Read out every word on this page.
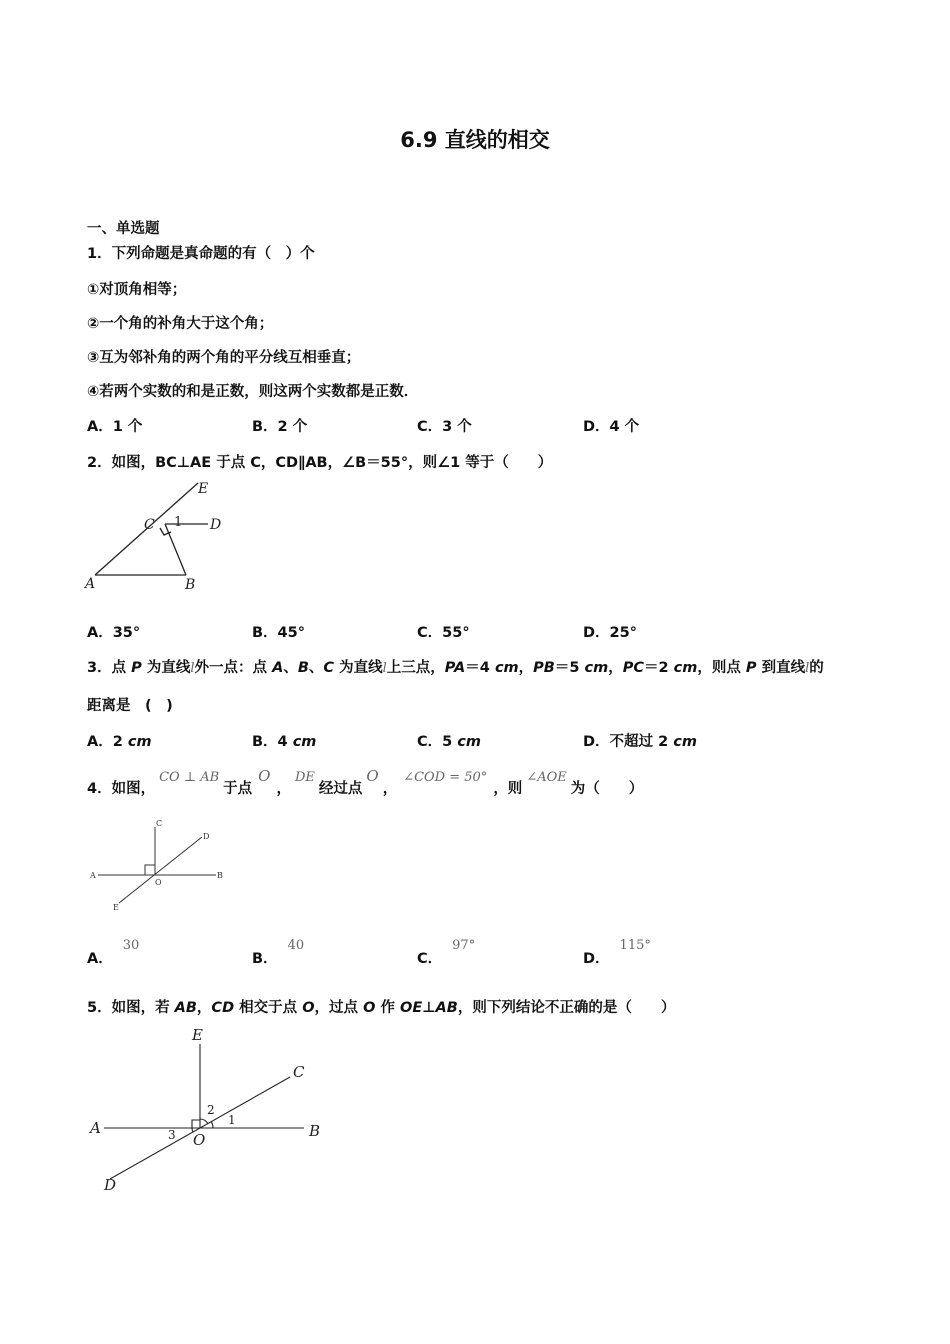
6.9 直线的相交
一、单选题
1．下列命题是真命题的有（　）个
①对顶角相等；
②一个角的补角大于这个角；
③互为邻补角的两个角的平分线互相垂直；
④若两个实数的和是正数，则这两个实数都是正数．
A．1 个	B．2 个	C．3 个	D．4 个
2．如图，BC⊥AE 于点 C，CD∥AB，∠B＝55°，则∠1 等于（　　）
E
C	D
A	B
1
A．35°	B．45°	C．55°	D．25°
3．点 P 为直线l外一点：点 A、B、C 为直线l上三点，PA＝4 cm，PB＝5 cm，PC＝2 cm，则点 P 到直线l的
距离是　(　)
A．2 cm	B．4 cm	C．5 cm	D．不超过 2 cm
4．如图，CO ⊥ AB于点O，DE经过点O，∠COD = 50°，则∠AOE为（　　）
C
D
A
O
B
E
A．30
B．40
C．97°
D．115°
5．如图，若 AB，CD 相交于点 O，过点 O 作 OE⊥AB，则下列结论不正确的是（　　）
E
C
A
O	B
D
2
1
3
